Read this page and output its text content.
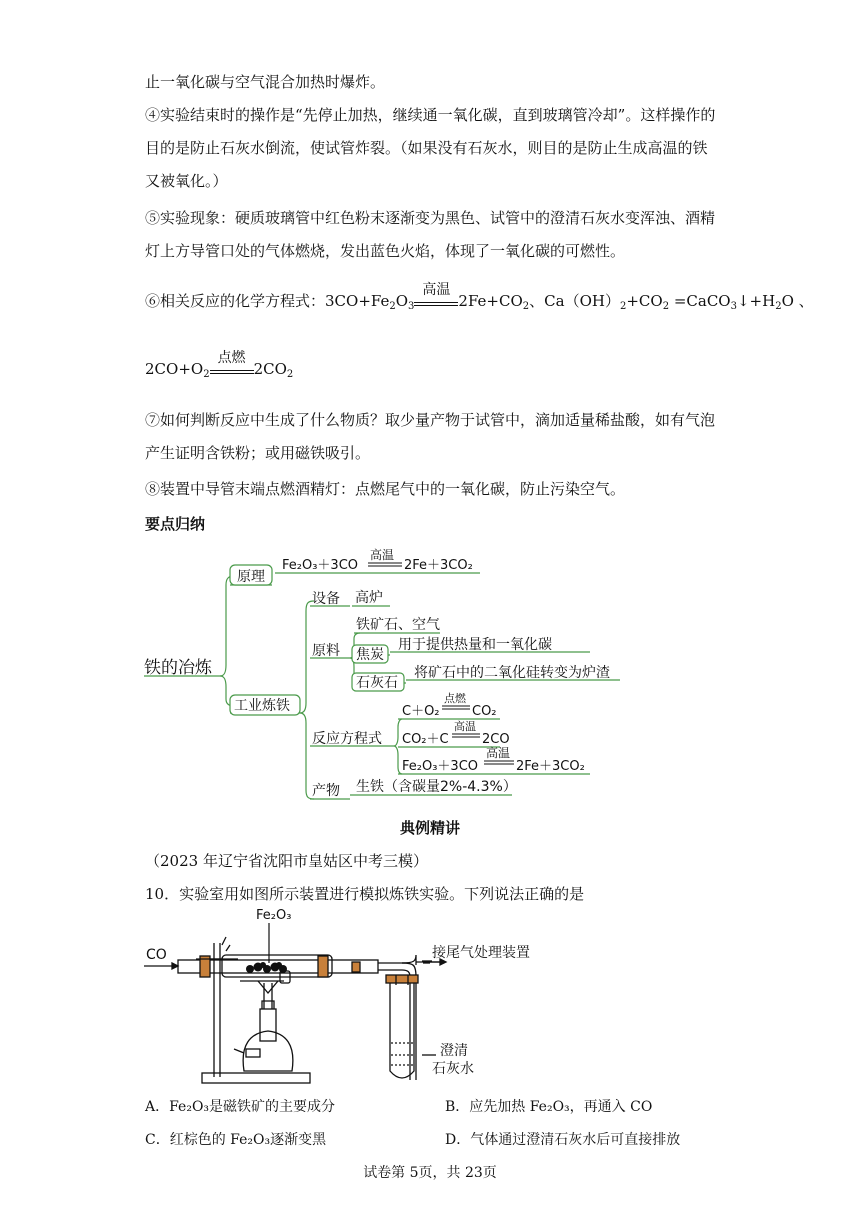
止一氧化碳与空气混合加热时爆炸。
④实验结束时的操作是“先停止加热，继续通一氧化碳，直到玻璃管冷却”。这样操作的
目的是防止石灰水倒流，使试管炸裂。（如果没有石灰水，则目的是防止生成高温的铁
又被氧化。）
⑤实验现象：硬质玻璃管中红色粉末逐渐变为黑色、试管中的澄清石灰水变浑浊、酒精
灯上方导管口处的气体燃烧，发出蓝色火焰，体现了一氧化碳的可燃性。
⑥相关反应的化学方程式：$3CO+Fe_2O_3$
高温
$2Fe+CO_2$、$Ca(OH)_2+CO_2$ $=CaCO_3↓+H_2O$ 、
$2CO+O_2$
点燃
$2CO_2$
⑦如何判断反应中生成了什么物质？取少量产物于试管中，滴加适量稀盐酸，如有气泡
产生证明含铁粉；或用磁铁吸引。
⑧装置中导管末端点燃酒精灯：点燃尾气中的一氧化碳，防止污染空气。
要点归纳
铁的冶炼
原理
Fe₂O₃＋3CO
高温
2Fe＋3CO₂
工业炼铁
设备 高炉
原料
铁矿石、空气
焦炭
用于提供热量和一氧化碳
石灰石
将矿石中的二氧化硅转变为炉渣
反应方程式
C＋O₂
点燃
CO₂
CO₂＋C
高温
2CO
Fe₂O₃＋3CO
高温
2Fe＋3CO₂
产物 生铁（含碳量2%-4.3%）
典例精讲
（2023 年辽宁省沈阳市皇姑区中考三模）
10．实验室用如图所示装置进行模拟炼铁实验。下列说法正确的是
CO
Fe₂O₃
接尾气处理装置
澄清
石灰水
A．Fe₂O₃是磁铁矿的主要成分	B．应先加热 Fe₂O₃，再通入 CO
C．红棕色的 Fe₂O₃逐渐变黑	D．气体通过澄清石灰水后可直接排放
试卷第 5页，共 23页
